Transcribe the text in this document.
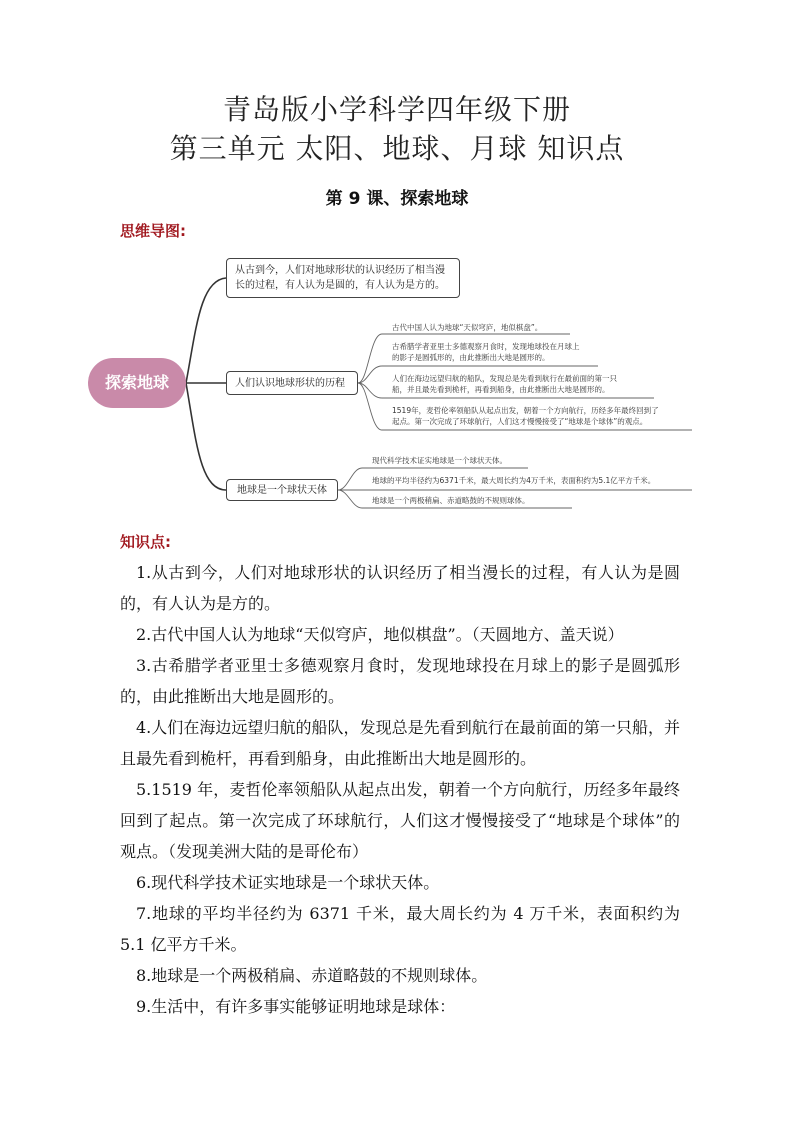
青岛版小学科学四年级下册
第三单元 太阳、地球、月球 知识点
第 9 课、探索地球
思维导图:
探索地球
从古到今，人们对地球形状的认识经历了相当漫长的过程，有人认为是圆的，有人认为是方的。
人们认识地球形状的历程
地球是一个球状天体
古代中国人认为地球“天似穹庐，地似棋盘”。
古希腊学者亚里士多德观察月食时，发现地球投在月球上
的影子是圆弧形的，由此推断出大地是圆形的。
人们在海边远望归航的船队，发现总是先看到航行在最前面的第一只
船，并且最先看到桅杆，再看到船身，由此推断出大地是圆形的。
1519年，麦哲伦率领船队从起点出发，朝着一个方向航行，历经多年最终回到了
起点。第一次完成了环球航行，人们这才慢慢接受了“地球是个球体”的观点。
现代科学技术证实地球是一个球状天体。
地球的平均半径约为6371千米，最大周长约为4万千米，表面积约为5.1亿平方千米。
地球是一个两极稍扁、赤道略鼓的不规则球体。
知识点:
1.从古到今，人们对地球形状的认识经历了相当漫长的过程，有人认为是圆的，有人认为是方的。
2.古代中国人认为地球“天似穹庐，地似棋盘”。（天圆地方、盖天说）
3.古希腊学者亚里士多德观察月食时，发现地球投在月球上的影子是圆弧形的，由此推断出大地是圆形的。
4.人们在海边远望归航的船队，发现总是先看到航行在最前面的第一只船，并且最先看到桅杆，再看到船身，由此推断出大地是圆形的。
5.1519 年，麦哲伦率领船队从起点出发，朝着一个方向航行，历经多年最终回到了起点。第一次完成了环球航行，人们这才慢慢接受了“地球是个球体”的观点。（发现美洲大陆的是哥伦布）
6.现代科学技术证实地球是一个球状天体。
7.地球的平均半径约为 6371 千米，最大周长约为 4 万千米，表面积约为 5.1 亿平方千米。
8.地球是一个两极稍扁、赤道略鼓的不规则球体。
9.生活中，有许多事实能够证明地球是球体：
